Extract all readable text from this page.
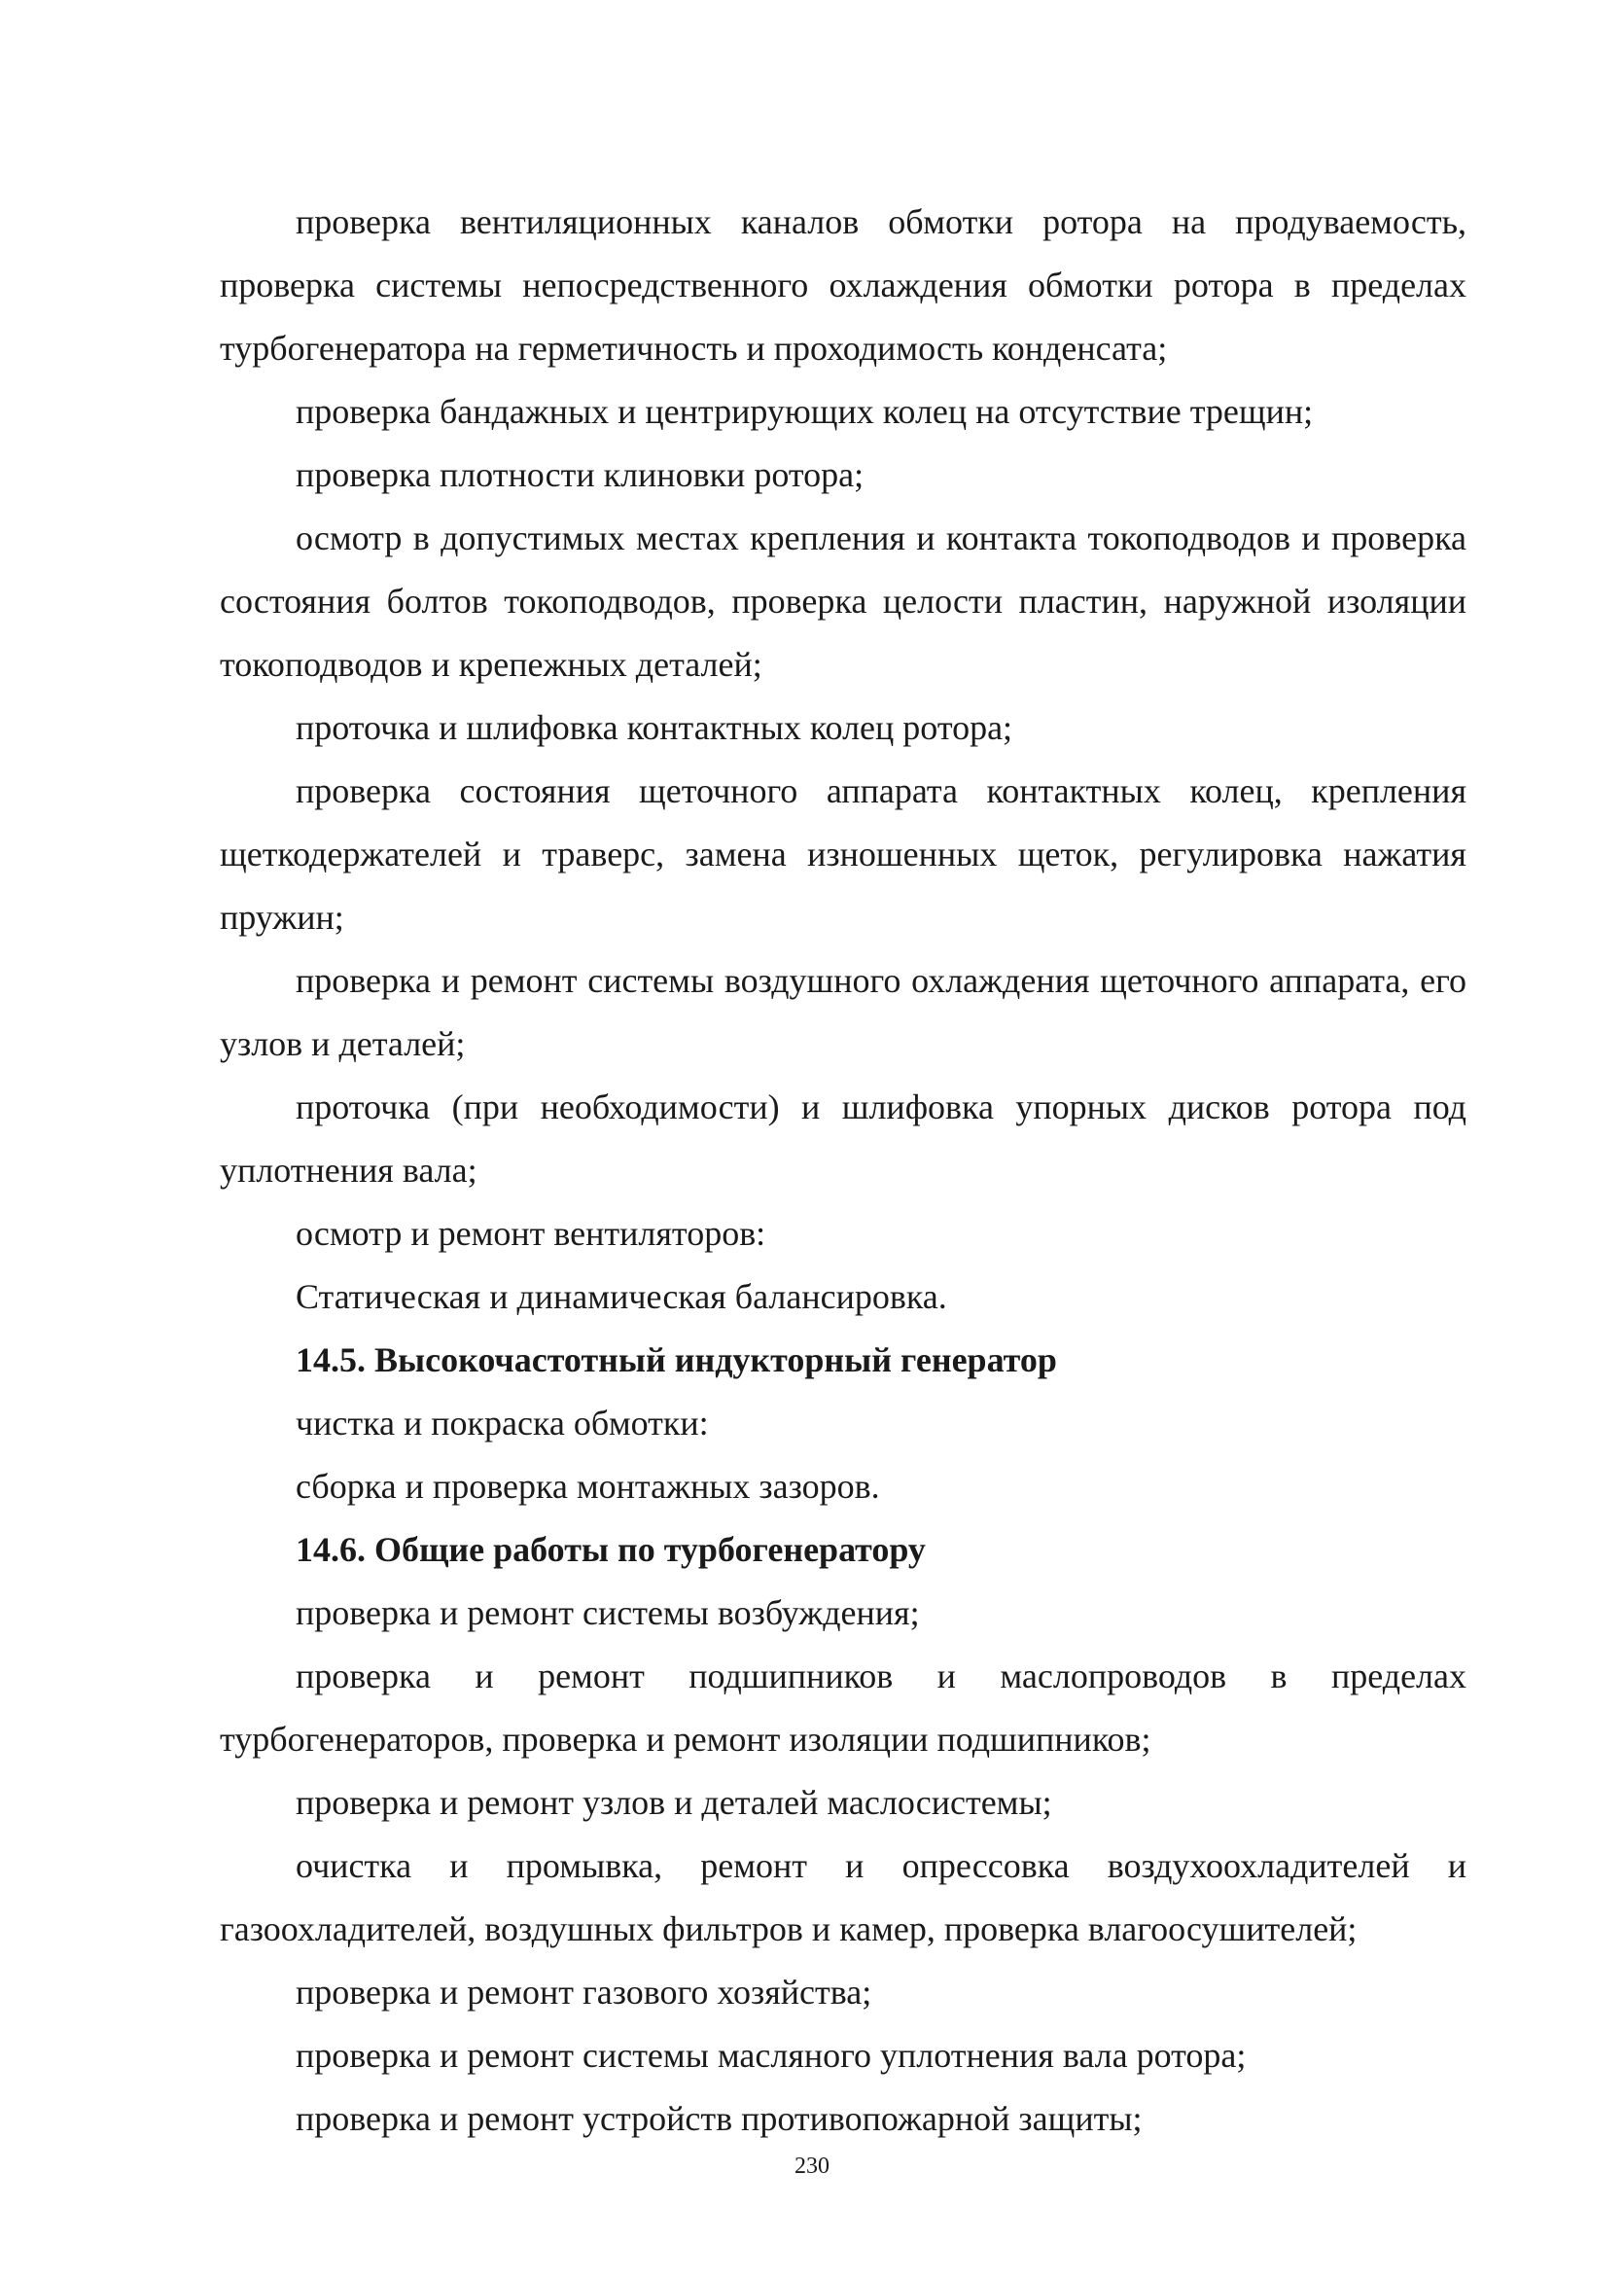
проверка вентиляционных каналов обмотки ротора на продуваемость, проверка системы непосредственного охлаждения обмотки ротора в пределах турбогенератора на герметичность и проходимость конденсата;

проверка бандажных и центрирующих колец на отсутствие трещин;

проверка плотности клиновки ротора;

осмотр в допустимых местах крепления и контакта токоподводов и проверка состояния болтов токоподводов, проверка целости пластин, наружной изоляции токоподводов и крепежных деталей;

проточка и шлифовка контактных колец ротора;

проверка состояния щеточного аппарата контактных колец, крепления щеткодержателей и траверс, замена изношенных щеток, регулировка нажатия пружин;

проверка и ремонт системы воздушного охлаждения щеточного аппарата, его узлов и деталей;

проточка (при необходимости) и шлифовка упорных дисков ротора под уплотнения вала;

осмотр и ремонт вентиляторов:

Статическая и динамическая балансировка.

14.5. Высокочастотный индукторный генератор

чистка и покраска обмотки:

сборка и проверка монтажных зазоров.

14.6. Общие работы по турбогенератору

проверка и ремонт системы возбуждения;

проверка и ремонт подшипников и маслопроводов в пределах турбогенераторов, проверка и ремонт изоляции подшипников;

проверка и ремонт узлов и деталей маслосистемы;

очистка и промывка, ремонт и опрессовка воздухоохладителей и газоохладителей, воздушных фильтров и камер, проверка влагоосушителей;

проверка и ремонт газового хозяйства;

проверка и ремонт системы масляного уплотнения вала ротора;

проверка и ремонт устройств противопожарной защиты;

230
